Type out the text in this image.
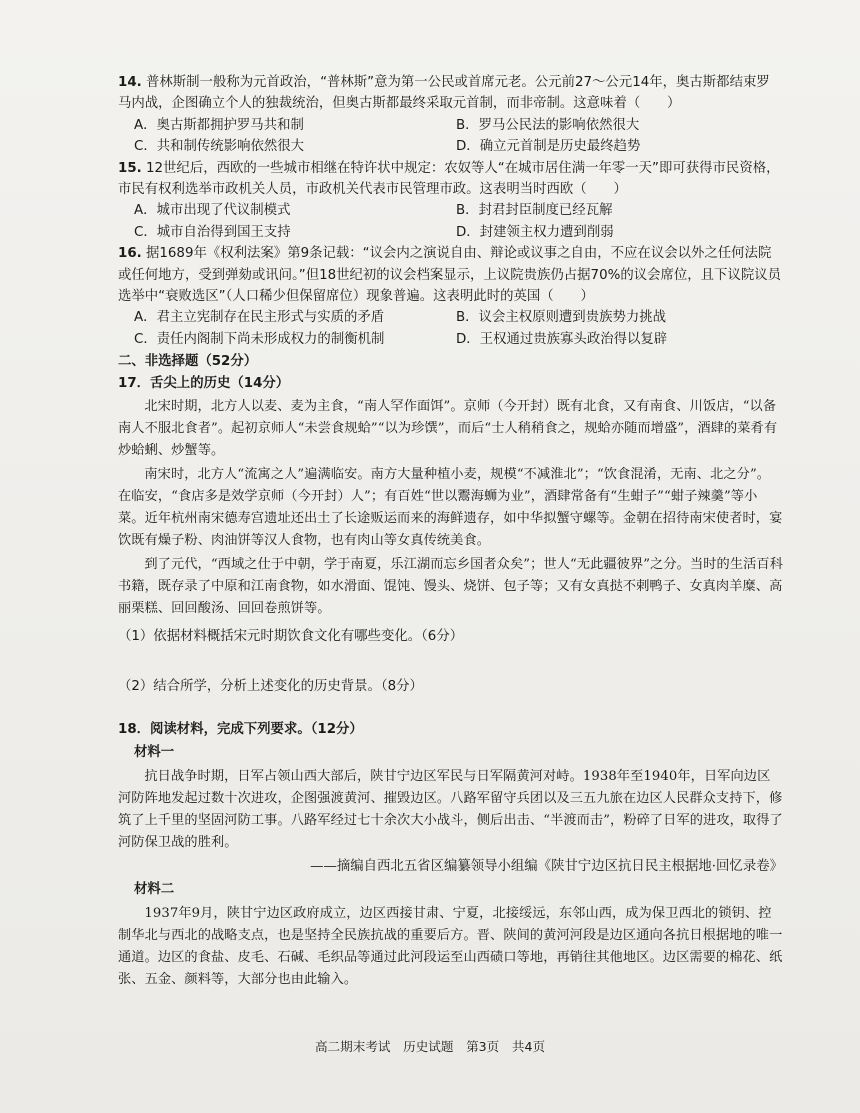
14. 普林斯制一般称为元首政治，“普林斯”意为第一公民或首席元老。公元前27～公元14年，奥古斯都结束罗马内战，企图确立个人的独裁统治，但奥古斯都最终采取元首制，而非帝制。这意味着（　　）
A．奥古斯都拥护罗马共和制	B．罗马公民法的影响依然很大
C．共和制传统影响依然很大	D．确立元首制是历史最终趋势
15. 12世纪后，西欧的一些城市相继在特许状中规定：农奴等人“在城市居住满一年零一天”即可获得市民资格，市民有权利选举市政机关人员，市政机关代表市民管理市政。这表明当时西欧（　　）
A．城市出现了代议制模式	B．封君封臣制度已经瓦解
C．城市自治得到国王支持	D．封建领主权力遭到削弱
16. 据1689年《权利法案》第9条记载：“议会内之演说自由、辩论或议事之自由，不应在议会以外之任何法院或任何地方，受到弹劾或讯问。”但18世纪初的议会档案显示，上议院贵族仍占据70%的议会席位，且下议院议员选举中“衰败选区”（人口稀少但保留席位）现象普遍。这表明此时的英国（　　）
A．君主立宪制存在民主形式与实质的矛盾	B．议会主权原则遭到贵族势力挑战
C．责任内阁制下尚未形成权力的制衡机制	D．王权通过贵族寡头政治得以复辟
二、非选择题（52分）
17．舌尖上的历史（14分）

北宋时期，北方人以麦、麦为主食，“南人罕作面饵”。京师（今开封）既有北食，又有南食、川饭店，“以备南人不服北食者”。起初京师人“未尝食规蛤”“以为珍馔”，而后“士人稍稍食之，规蛤亦随而增盛”，酒肆的菜肴有炒蛤蜊、炒蟹等。

南宋时，北方人“流寓之人”遍满临安。南方大量种植小麦，规模“不减淮北”；“饮食混淆，无南、北之分”。在临安，“食店多是效学京师（今开封）人”；有百姓“世以鬻海蛳为业”，酒肆常备有“生蚶子”“蚶子辣羹”等小菜。近年杭州南宋德寿宫遗址还出土了长途贩运而来的海鲜遗存，如中华拟蟹守螺等。金朝在招待南宋使者时，宴饮既有燥子粉、肉油饼等汉人食物，也有肉山等女真传统美食。

到了元代，“西域之仕于中朝，学于南夏，乐江湖而忘乡国者众矣”；世人“无此疆彼界”之分。当时的生活百科书籍，既存录了中原和江南食物，如水滑面、馄饨、馒头、烧饼、包子等；又有女真挞不剌鸭子、女真肉羊糜、高丽栗糕、回回酸汤、回回卷煎饼等。

（1）依据材料概括宋元时期饮食文化有哪些变化。（6分）

（2）结合所学，分析上述变化的历史背景。（8分）

18．阅读材料，完成下列要求。（12分）
材料一

抗日战争时期，日军占领山西大部后，陕甘宁边区军民与日军隔黄河对峙。1938年至1940年，日军向边区河防阵地发起过数十次进攻，企图强渡黄河、摧毁边区。八路军留守兵团以及三五九旅在边区人民群众支持下，修筑了上千里的坚固河防工事。八路军经过七十余次大小战斗，侧后出击、“半渡而击”，粉碎了日军的进攻，取得了河防保卫战的胜利。

——摘编自西北五省区编纂领导小组编《陕甘宁边区抗日民主根据地·回忆录卷》

材料二

1937年9月，陕甘宁边区政府成立，边区西接甘肃、宁夏，北接绥远，东邻山西，成为保卫西北的锁钥、控制华北与西北的战略支点，也是坚持全民族抗战的重要后方。晋、陕间的黄河河段是边区通向各抗日根据地的唯一通道。边区的食盐、皮毛、石碱、毛织品等通过此河段运至山西碛口等地，再销往其他地区。边区需要的棉花、纸张、五金、颜料等，大部分也由此输入。

高二期末考试　历史试题　第3页　共4页
